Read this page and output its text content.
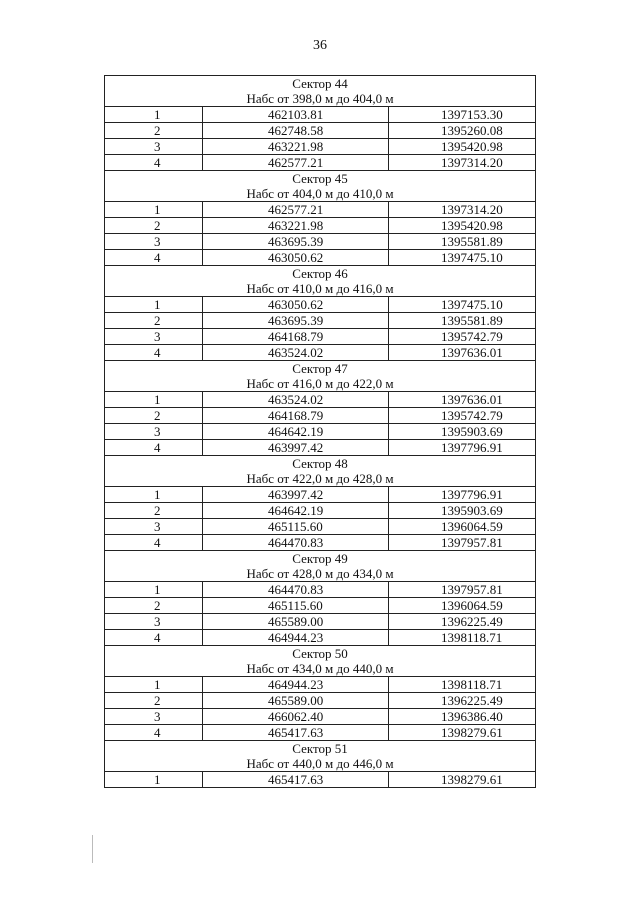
36
Сектор 44		
Набс от 398,0 м до 404,0 м		
1	462103.81	1397153.30
2	462748.58	1395260.08
3	463221.98	1395420.98
4	462577.21	1397314.20
Сектор 45		
Набс от 404,0 м до 410,0 м		
1	462577.21	1397314.20
2	463221.98	1395420.98
3	463695.39	1395581.89
4	463050.62	1397475.10
Сектор 46		
Набс от 410,0 м до 416,0 м		
1	463050.62	1397475.10
2	463695.39	1395581.89
3	464168.79	1395742.79
4	463524.02	1397636.01
Сектор 47		
Набс от 416,0 м до 422,0 м		
1	463524.02	1397636.01
2	464168.79	1395742.79
3	464642.19	1395903.69
4	463997.42	1397796.91
Сектор 48		
Набс от 422,0 м до 428,0 м		
1	463997.42	1397796.91
2	464642.19	1395903.69
3	465115.60	1396064.59
4	464470.83	1397957.81
Сектор 49		
Набс от 428,0 м до 434,0 м		
1	464470.83	1397957.81
2	465115.60	1396064.59
3	465589.00	1396225.49
4	464944.23	1398118.71
Сектор 50		
Набс от 434,0 м до 440,0 м		
1	464944.23	1398118.71
2	465589.00	1396225.49
3	466062.40	1396386.40
4	465417.63	1398279.61
Сектор 51		
Набс от 440,0 м до 446,0 м		
1	465417.63	1398279.61
